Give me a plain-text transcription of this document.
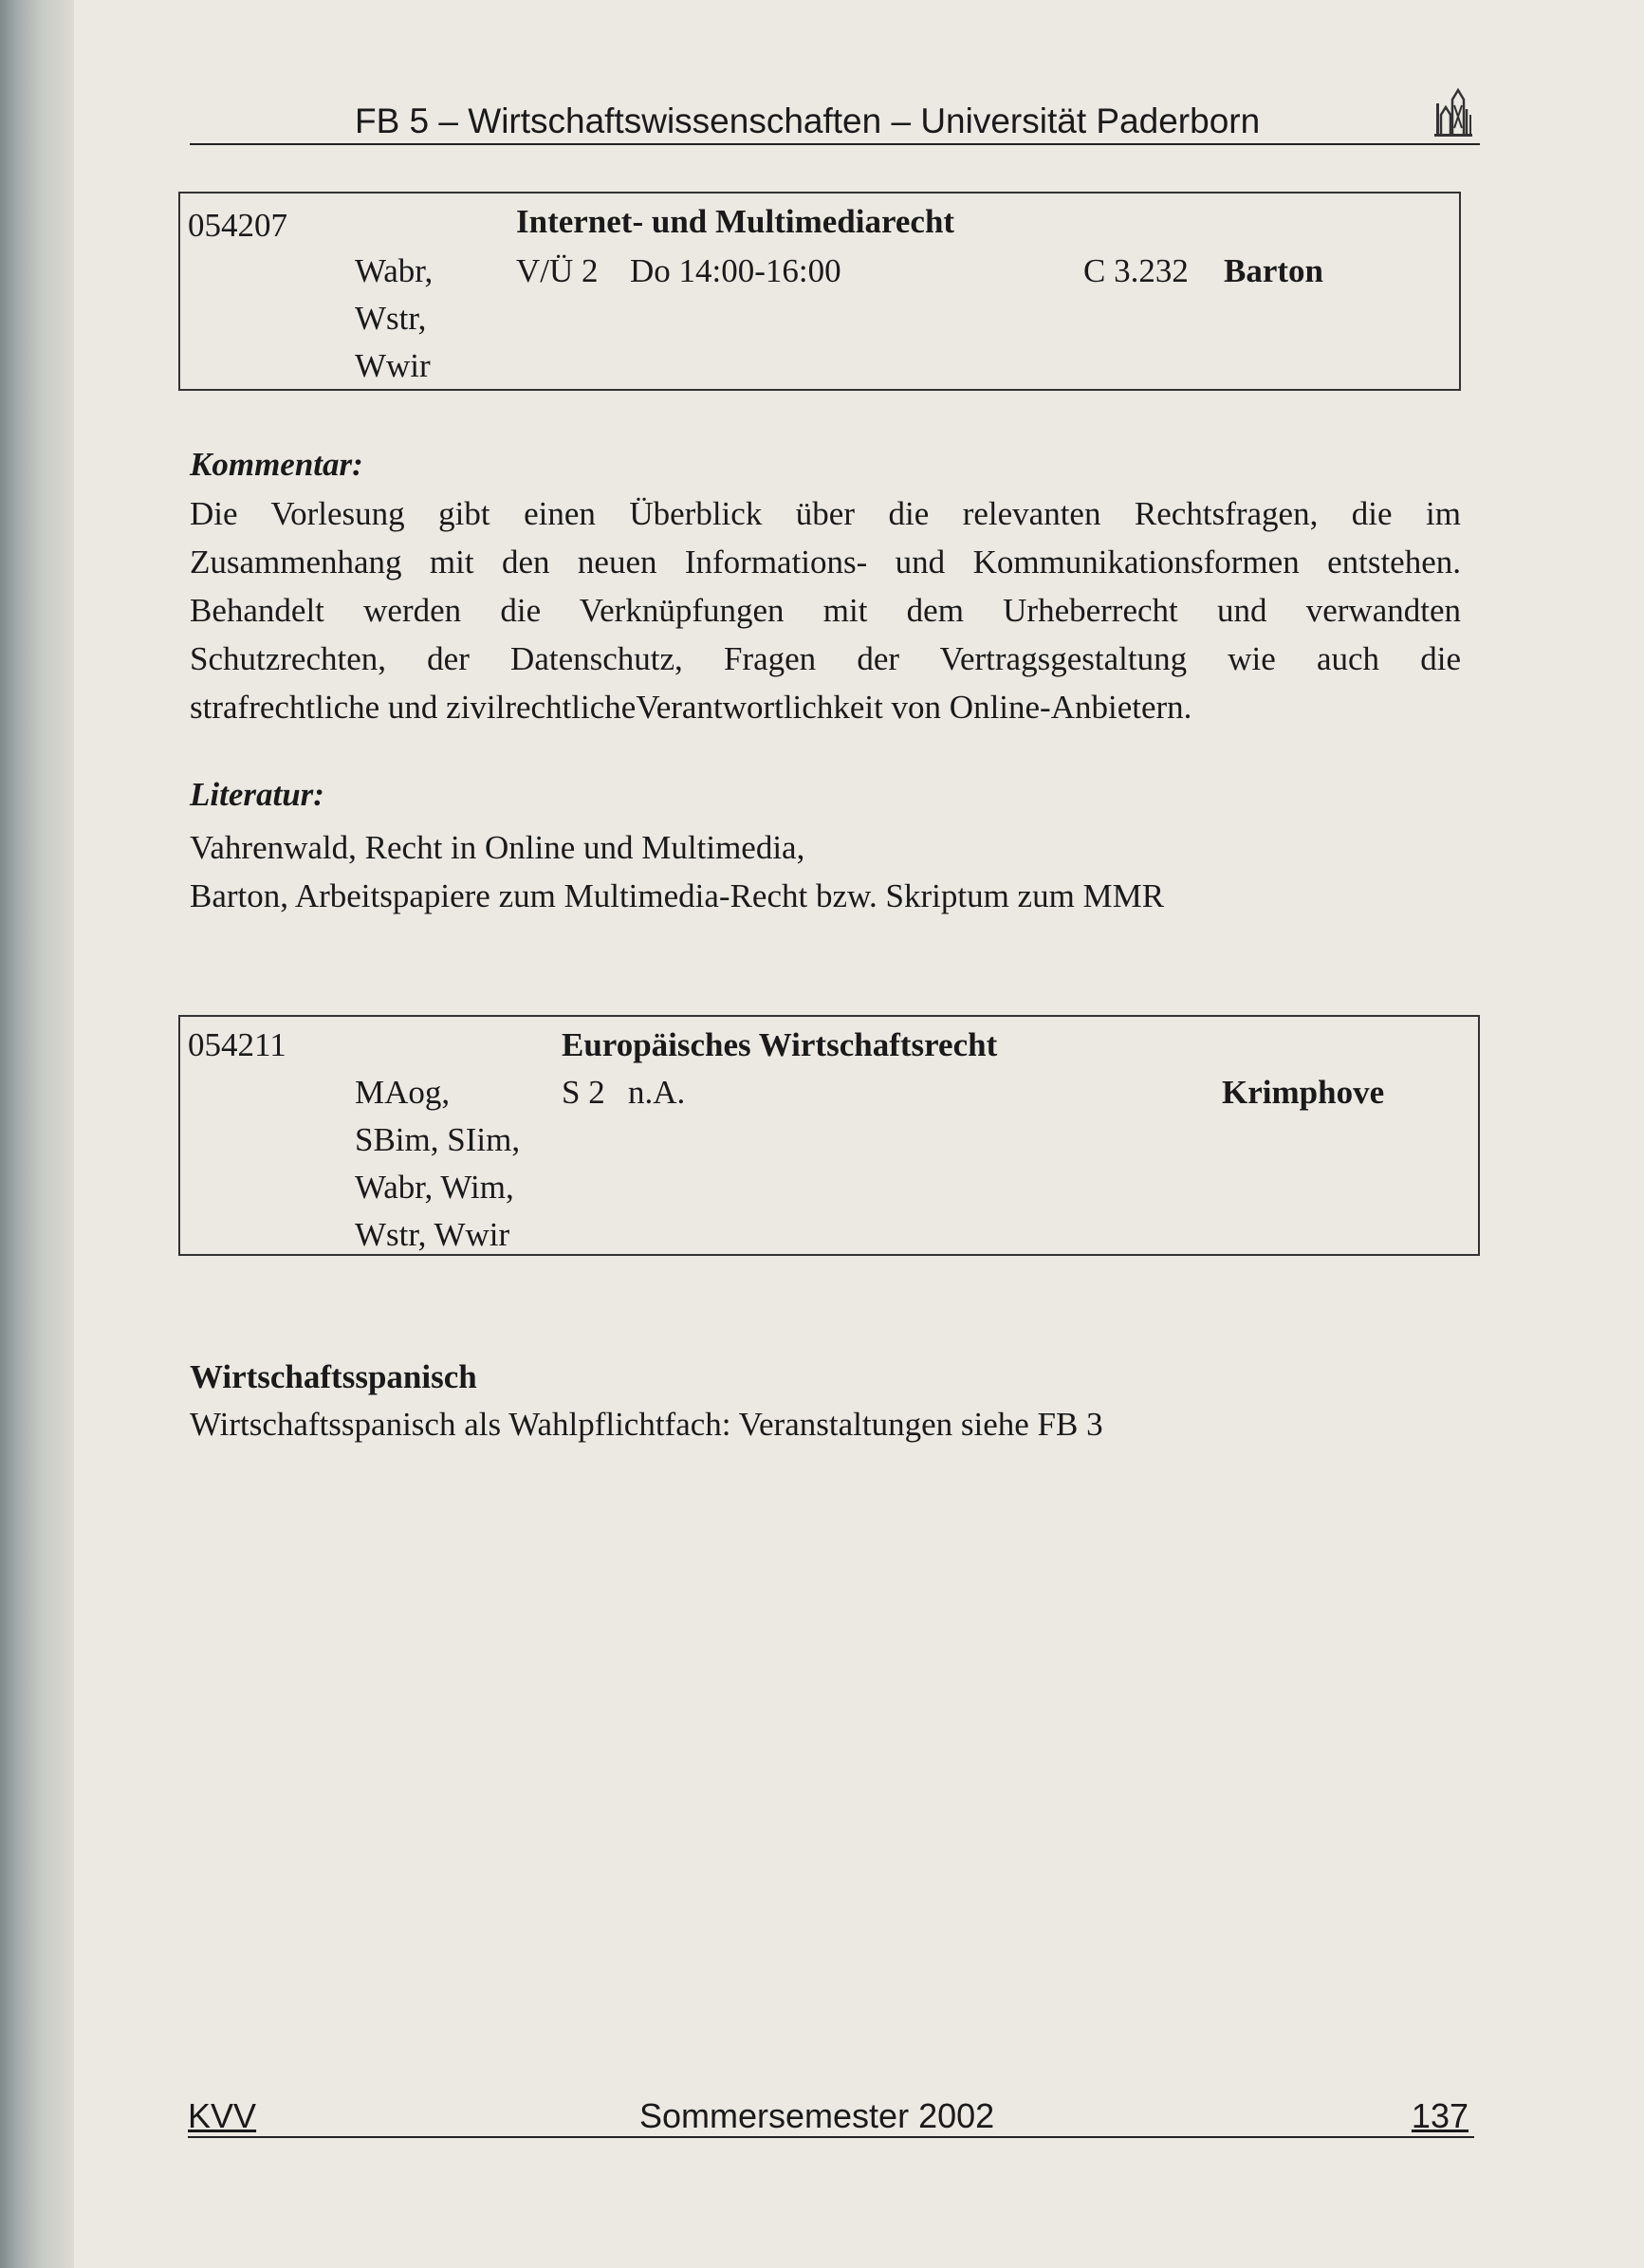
FB 5 – Wirtschaftswissenschaften – Universität Paderborn
054207	Internet- und Multimediarecht
Wabr,
Wstr,
Wwir
V/Ü 2 Do 14:00-16:00	C 3.232 Barton
Kommentar:

Die Vorlesung gibt einen Überblick über die relevanten Rechtsfragen, die im

Zusammenhang mit den neuen Informations- und Kommunikationsformen entstehen.

Behandelt werden die Verknüpfungen mit dem Urheberrecht und verwandten

Schutzrechten, der Datenschutz, Fragen der Vertragsgestaltung wie auch die

strafrechtliche und zivilrechtlicheVerantwortlichkeit von Online-Anbietern.

Literatur:

Vahrenwald, Recht in Online und Multimedia,

Barton, Arbeitspapiere zum Multimedia-Recht bzw. Skriptum zum MMR

054211	Europäisches Wirtschaftsrecht
MAog,
SBim, SIim,
Wabr, Wim,
Wstr, Wwir
S 2 n.A.	Krimphove
Wirtschaftsspanisch
Wirtschaftsspanisch als Wahlpflichtfach: Veranstaltungen siehe FB 3
KVV	Sommersemester 2002	137
